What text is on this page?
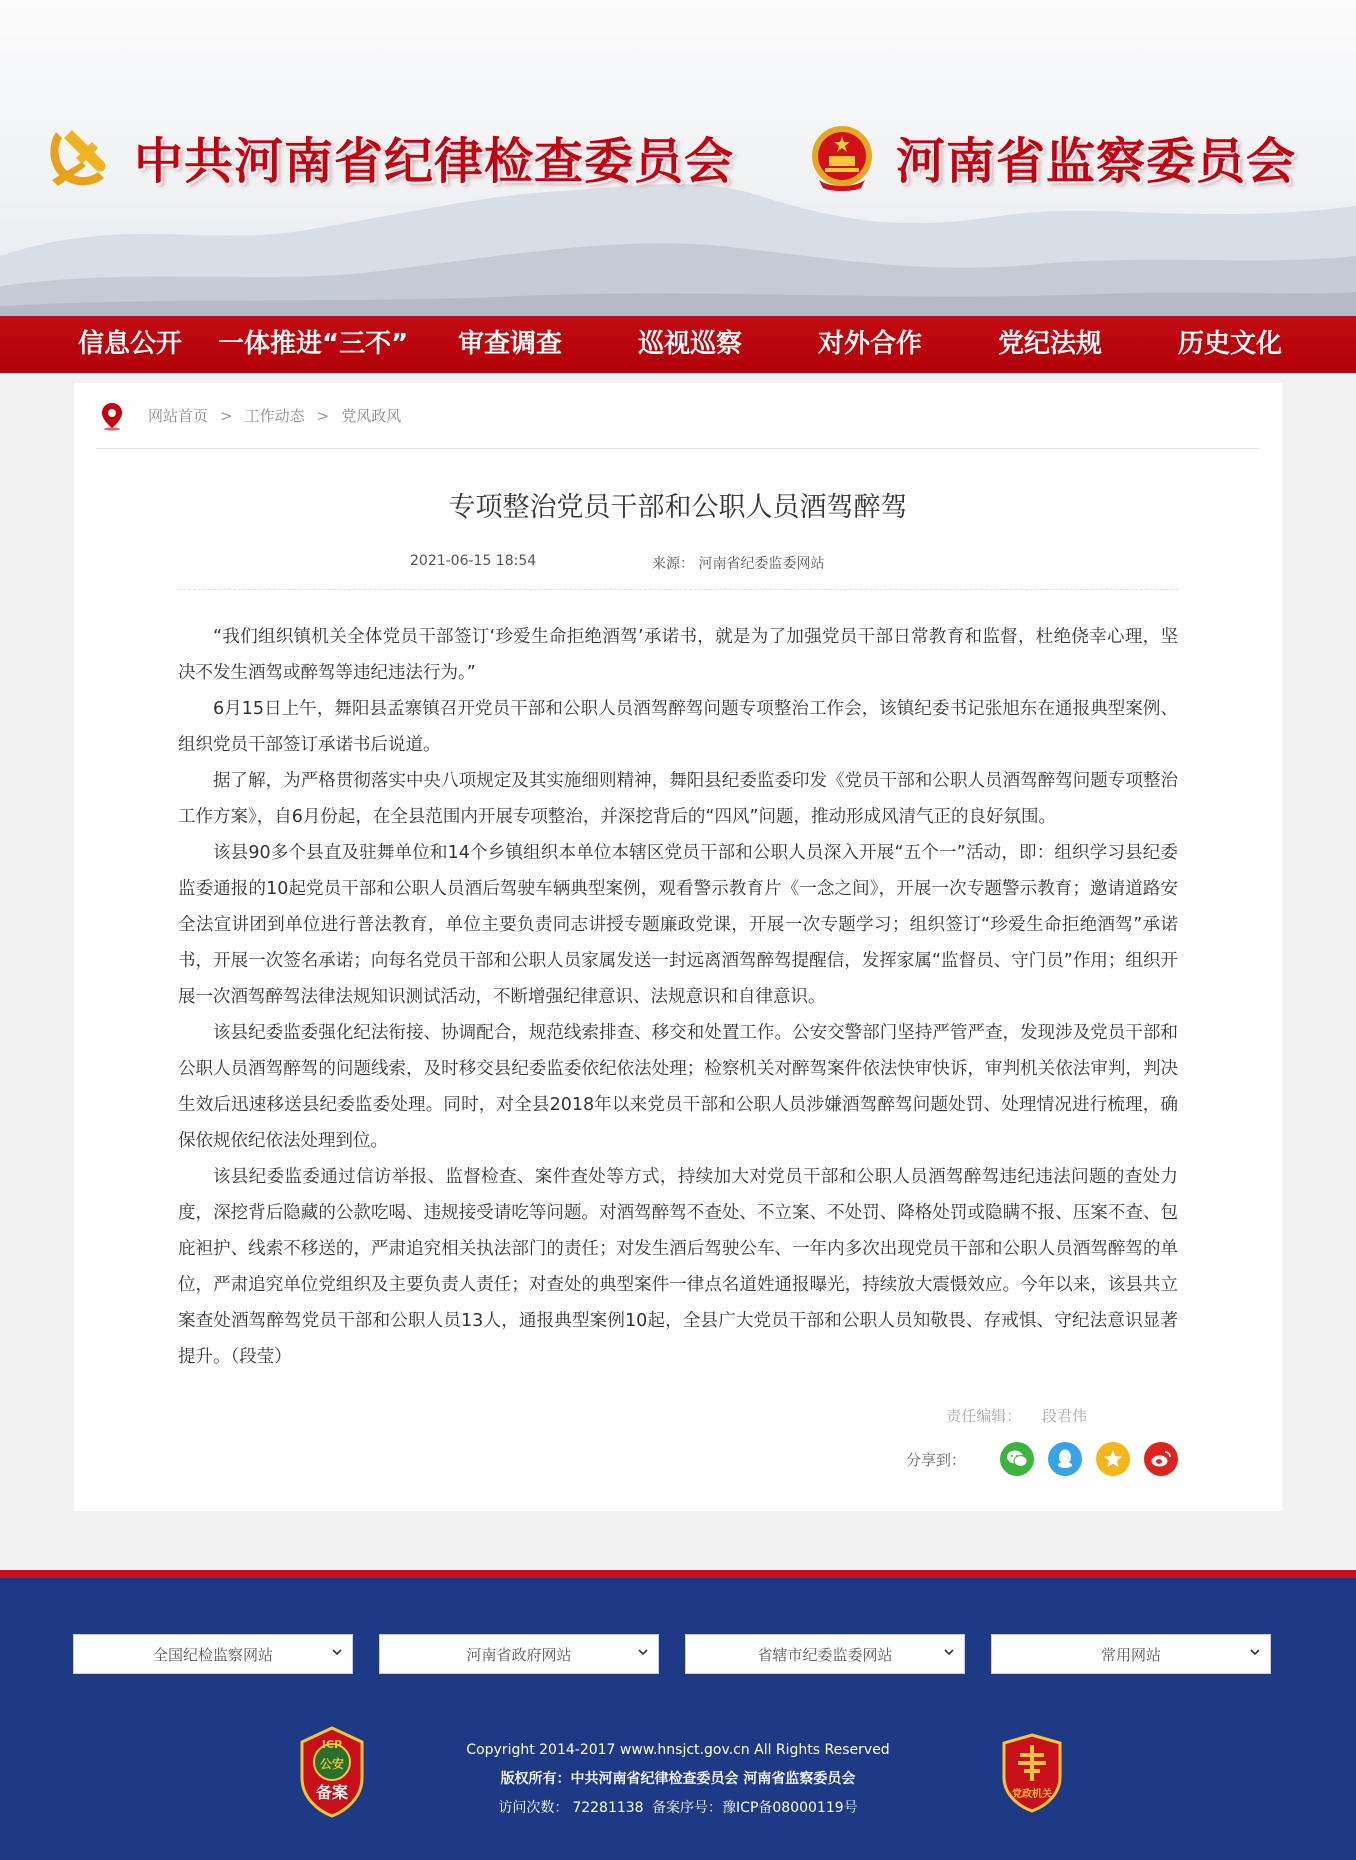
中共河南省纪律检查委员会	河南省监察委员会
信息公开 一体推进“三不” 审查调查	巡视巡察	对外合作	党纪法规	历史文化
网站首页 > 工作动态 > 党风政风
专项整治党员干部和公职人员酒驾醉驾
2021-06-15 18:54	来源： 河南省纪委监委网站

“我们组织镇机关全体党员干部签订‘珍爱生命拒绝酒驾’承诺书，就是为了加强党员干部日常教育和监督，杜绝侥幸心理，坚决不发生酒驾或醉驾等违纪违法行为。”

6月15日上午，舞阳县孟寨镇召开党员干部和公职人员酒驾醉驾问题专项整治工作会，该镇纪委书记张旭东在通报典型案例、组织党员干部签订承诺书后说道。

据了解，为严格贯彻落实中央八项规定及其实施细则精神，舞阳县纪委监委印发《党员干部和公职人员酒驾醉驾问题专项整治工作方案》，自6月份起，在全县范围内开展专项整治，并深挖背后的“四风”问题，推动形成风清气正的良好氛围。

该县90多个县直及驻舞单位和14个乡镇组织本单位本辖区党员干部和公职人员深入开展“五个一”活动，即：组织学习县纪委监委通报的10起党员干部和公职人员酒后驾驶车辆典型案例，观看警示教育片《一念之间》，开展一次专题警示教育；邀请道路安全法宣讲团到单位进行普法教育，单位主要负责同志讲授专题廉政党课，开展一次专题学习；组织签订“珍爱生命拒绝酒驾”承诺书，开展一次签名承诺；向每名党员干部和公职人员家属发送一封远离酒驾醉驾提醒信，发挥家属“监督员、守门员”作用；组织开展一次酒驾醉驾法律法规知识测试活动，不断增强纪律意识、法规意识和自律意识。

该县纪委监委强化纪法衔接、协调配合，规范线索排查、移交和处置工作。公安交警部门坚持严管严查，发现涉及党员干部和公职人员酒驾醉驾的问题线索，及时移交县纪委监委依纪依法处理；检察机关对醉驾案件依法快审快诉，审判机关依法审判，判决生效后迅速移送县纪委监委处理。同时，对全县2018年以来党员干部和公职人员涉嫌酒驾醉驾问题处罚、处理情况进行梳理，确保依规依纪依法处理到位。

该县纪委监委通过信访举报、监督检查、案件查处等方式，持续加大对党员干部和公职人员酒驾醉驾违纪违法问题的查处力度，深挖背后隐藏的公款吃喝、违规接受请吃等问题。对酒驾醉驾不查处、不立案、不处罚、降格处罚或隐瞒不报、压案不查、包庇袒护、线索不移送的，严肃追究相关执法部门的责任；对发生酒后驾驶公车、一年内多次出现党员干部和公职人员酒驾醉驾的单位，严肃追究单位党组织及主要负责人责任；对查处的典型案件一律点名道姓通报曝光，持续放大震慑效应。今年以来，该县共立案查处酒驾醉驾党员干部和公职人员13人，通报典型案例10起，全县广大党员干部和公职人员知敬畏、存戒惧、守纪法意识显著提升。（段莹）

责任编辑： 段君伟
分享到：
全国纪检监察网站	河南省政府网站	省辖市纪委监委网站	常用网站
ICP
公安
备案
Copyright 2014-2017 www.hnsjct.gov.cn All Rights Reserved
版权所有：中共河南省纪律检查委员会 河南省监察委员会
访问次数： 72281138 备案序号：豫ICP备08000119号
党政机关
